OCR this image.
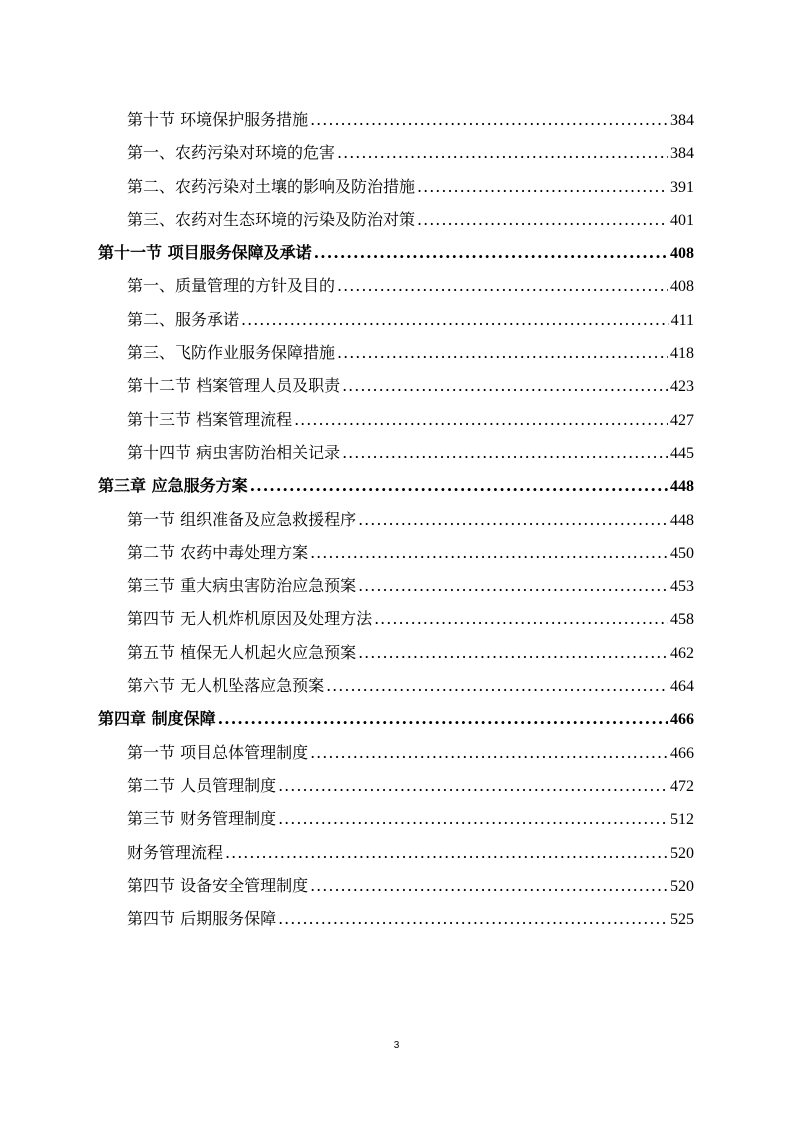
第十节 环境保护服务措施 .....	384
第一、农药污染对环境的危害 .....	384
第二、农药污染对土壤的影响及防治措施 .....	391
第三、农药对生态环境的污染及防治对策 .....	401
第十一节 项目服务保障及承诺 .....	408
第一、质量管理的方针及目的 .....	408
第二、服务承诺 .....	411
第三、飞防作业服务保障措施 .....	418
第十二节 档案管理人员及职责 .....	423
第十三节 档案管理流程 .....	427
第十四节 病虫害防治相关记录 .....	445
第三章 应急服务方案 .....	448
第一节 组织准备及应急救援程序 .....	448
第二节 农药中毒处理方案 .....	450
第三节 重大病虫害防治应急预案 .....	453
第四节 无人机炸机原因及处理方法 .....	458
第五节 植保无人机起火应急预案 .....	462
第六节 无人机坠落应急预案 .....	464
第四章 制度保障 .....	466
第一节 项目总体管理制度 .....	466
第二节 人员管理制度 .....	472
第三节 财务管理制度 .....	512
财务管理流程 .....	520
第四节 设备安全管理制度 .....	520
第四节 后期服务保障 .....	525
3
